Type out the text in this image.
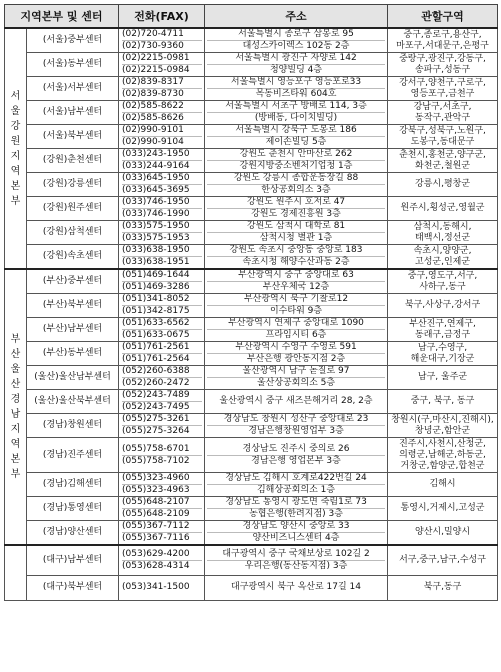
지역본부 및 센터		전화(FAX)	주소	관할구역
서울강원지역본부	(서울)중부센터	(02)720-4711
(02)730-9360	서울특별시 종로구 삼봉로 95
대성스카이렉스 102동 2층	중구,종로구,용산구,
마포구,서대문구,은평구

	(서울)동부센터	(02)2215-0981
(02)2215-0984	서울특별시 광진구 자양로 142
청양빌딩 4층	중랑구,광진구,강동구,
송파구,성동구

	(서울)서부센터	(02)839-8317
(02)839-8730	서울특별시 영등포구 영등포로33
목동비즈타워 604호	강서구,양천구,구로구,
영등포구,금천구

	(서울)남부센터	(02)585-8622
(02)585-8626	서울특별시 서초구 방배로 114, 3층
(방배동, 다이치빌딩)	강남구,서초구,
동작구,관악구

	(서울)북부센터	(02)990-9101
(02)990-9104	서울특별시 강북구 도봉로 186
제이손빌딩 5층	강북구,성북구,노원구,
도봉구,동대문구

	(강원)춘천센터	(033)243-1950
(033)244-9164	강원도 춘천시 안마산로 262
강원지방중소벤처기업청 1층	춘천시,홍천군,양구군,
화천군,철원군

	(강원)강릉센터	(033)645-1950
(033)645-3695	강원도 강릉시 종합운동장길 88
한상공회의소 3층	강릉시,평창군

	(강원)원주센터	(033)746-1950
(033)746-1990	강원도 원주시 호저로 47
강원도 경제진흥원 3층	원주시,횡성군,영월군

	(강원)삼척센터	(033)575-1950
(033)575-1953	강원도 삼척시 대학로 81
삼척시청 별관 1층	삼척시,동해시,
태백시,정선군

	(강원)속초센터	(033)638-1950
(033)638-1951	강원도 속초시 중앙동 중앙로 183
속초시청 해양수산과동 2층	속초시,양양군,
고성군,인제군

부산울산경남지역본부	(부산)중부센터	(051)469-1644
(051)469-3286	부산광역시 중구 중앙대로 63
부산우체국 12층	중구,영도구,서구,
사하구,동구

	(부산)북부센터	(051)341-8052
(051)342-8175	부산광역시 북구 기찰로12
이수타워 9층	북구,사상구,강서구

	(부산)남부센터	(051)633-6562
(051)633-0675	부산광역시 연제구 중앙대로 1090
프라임시티 6층	부산진구,연제구,
동래구,금정구

	(부산)동부센터	(051)761-2561
(051)761-2564	부산광역시 수영구 수영로 591
부산은행 광안동지점 2층	남구,수영구,
해운대구,기장군

	(울산)울산남부센터	(052)260-6388
(052)260-2472	울산광역시 남구 돋질로 97
울산상공회의소 5층	남구, 울주군

	(울산)울산북부센터	(052)243-7489
(052)243-7495	울산광역시 중구 새즈믄해거리 28, 2층	중구, 북구, 동구

	(경남)창원센터	(055)275-3261
(055)275-3264	경상남도 창원시 성산구 중앙대로 23
경남은행창원영업부 3층	창원시(구,마산시,진해시),
창녕군,함안군

	(경남)진주센터	(055)758-6701
(055)758-7102	경상남도 진주시 중의로 26
경남은행 영업본부 3층	진주시,사천시,산청군,
의령군,남해군,하동군,
거창군,함양군,합천군

	(경남)김해센터	(055)323-4960
(055)323-4963	경상남도 김해시 호계로422번길 24
김해상공회의소 1층	김해시

	(경남)통영센터	(055)648-2107
(055)648-2109	경상남도 통영시 광도면 죽림1로 73
농협은행(한려지점) 3층	통영시,거제시,고성군

	(경남)양산센터	(055)367-7112
(055)367-7116	경상남도 양산시 중앙로 33
양산비즈니스센터 4층	양산시,밀양시

	(대구)남부센터	(053)629-4200
(053)628-4314	대구광역시 중구 국채보상로 102길 2
우리은행(동산동지점) 3층	서구,중구,남구,수성구

	(대구)북부센터	(053)341-1500	대구광역시 북구 옥산로 17길 14	북구,동구
